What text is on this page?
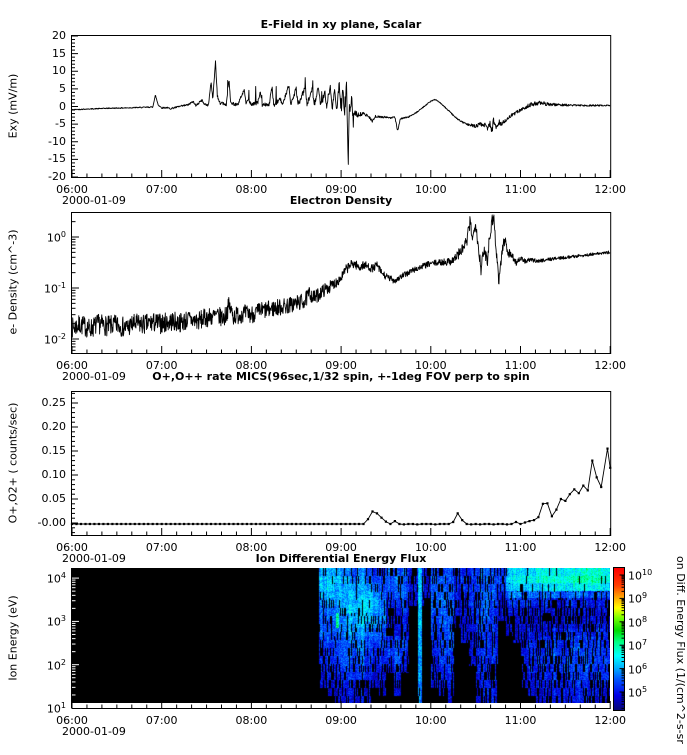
E-Field in xy plane, Scalar
Electron Density
O+,O++ rate MICS(96sec,1/32 spin, +-1deg FOV perp to spin
Ion Differential Energy Flux
Exy (mV/m)
e- Density (cm^-3)
O+,O2+ ( counts/sec)
Ion Energy (eV)
2000-01-09
2000-01-09
2000-01-09
2000-01-09	on Diff. Energy Flux (1/(cm^2-s-sr
20
15
10
5
0
-5
-10
-15
-20
$10^0$
$10^{-1}$
$10^{-2}$
0.25
0.20
0.15
0.10
0.05
-0.00
$10^4$
$10^3$
$10^2$
$10^1$
$10^{10}$
$10^9$
$10^8$
$10^7$
$10^6$
$10^5$
06:00	07:00	08:00	09:00	10:00	11:00	12:00
06:00	07:00	08:00	09:00	10:00	11:00	12:00
06:00	07:00	08:00	09:00	10:00	11:00	12:00
06:00	07:00	08:00	09:00	10:00	11:00	12:00
